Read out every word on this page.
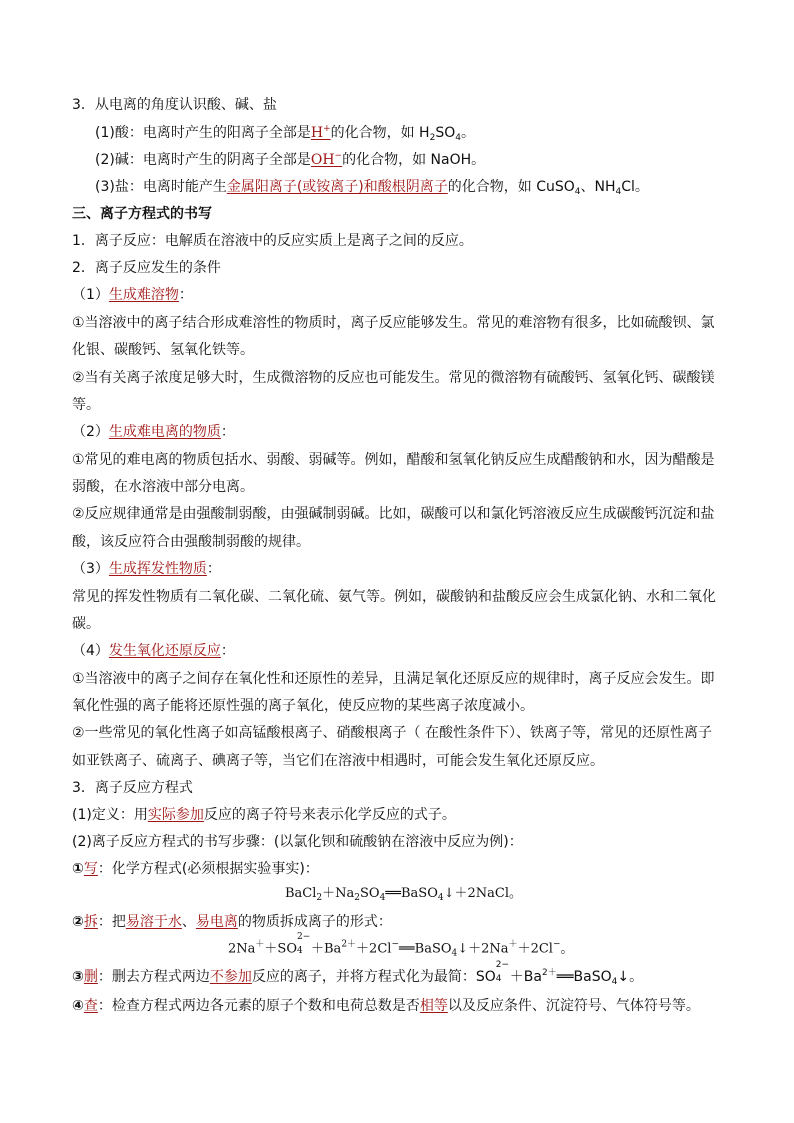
3．从电离的角度认识酸、碱、盐
(1)酸：电离时产生的阳离子全部是H+的化合物，如 $H_2SO_4$。
(2)碱：电离时产生的阴离子全部是OH−的化合物，如 NaOH。
(3)盐：电离时能产生金属阳离子(或铵离子)和酸根阴离子的化合物，如 CuSO$_4$、$NH_4Cl$。
三、离子方程式的书写
1．离子反应：电解质在溶液中的反应实质上是离子之间的反应。
2．离子反应发生的条件
（1）生成难溶物：
①当溶液中的离子结合形成难溶性的物质时，离子反应能够发生。常见的难溶物有很多，比如硫酸钡、氯
化银、碳酸钙、氢氧化铁等。
②当有关离子浓度足够大时，生成微溶物的反应也可能发生。常见的微溶物有硫酸钙、氢氧化钙、碳酸镁
等。
（2）生成难电离的物质：
①常见的难电离的物质包括水、弱酸、弱碱等。例如，醋酸和氢氧化钠反应生成醋酸钠和水，因为醋酸是
弱酸，在水溶液中部分电离。
②反应规律通常是由强酸制弱酸，由强碱制弱碱。比如，碳酸可以和氯化钙溶液反应生成碳酸钙沉淀和盐
酸，该反应符合由强酸制弱酸的规律。
（3）生成挥发性物质：
常见的挥发性物质有二氧化碳、二氧化硫、氨气等。例如，碳酸钠和盐酸反应会生成氯化钠、水和二氧化
碳。
（4）发生氧化还原反应：
①当溶液中的离子之间存在氧化性和还原性的差异，且满足氧化还原反应的规律时，离子反应会发生。即
氧化性强的离子能将还原性强的离子氧化，使反应物的某些离子浓度减小。
②一些常见的氧化性离子如高锰酸根离子、硝酸根离子（ 在酸性条件下）、铁离子等，常见的还原性离子
如亚铁离子、硫离子、碘离子等，当它们在溶液中相遇时，可能会发生氧化还原反应。
3．离子反应方程式
(1)定义：用实际参加反应的离子符号来表示化学反应的式子。
(2)离子反应方程式的书写步骤：(以氯化钡和硫酸钠在溶液中反应为例)：
①写：化学方程式(必须根据实验事实)：
$BaCl_2+Na_2SO_4══BaSO_4↓+2NaCl$。
②拆：把易溶于水、易电离的物质拆成离子的形式：
2Na＋＋SO
2−
$4 +Ba^{2+}+2Cl^-══BaSO_4↓+2Na^++2Cl^-$。
③删：删去方程式两边不参加反应的离子，并将方程式化为最简：SO
2−
$4 +Ba^{2+}══BaSO_4↓$。
④查：检查方程式两边各元素的原子个数和电荷总数是否相等以及反应条件、沉淀符号、气体符号等。
